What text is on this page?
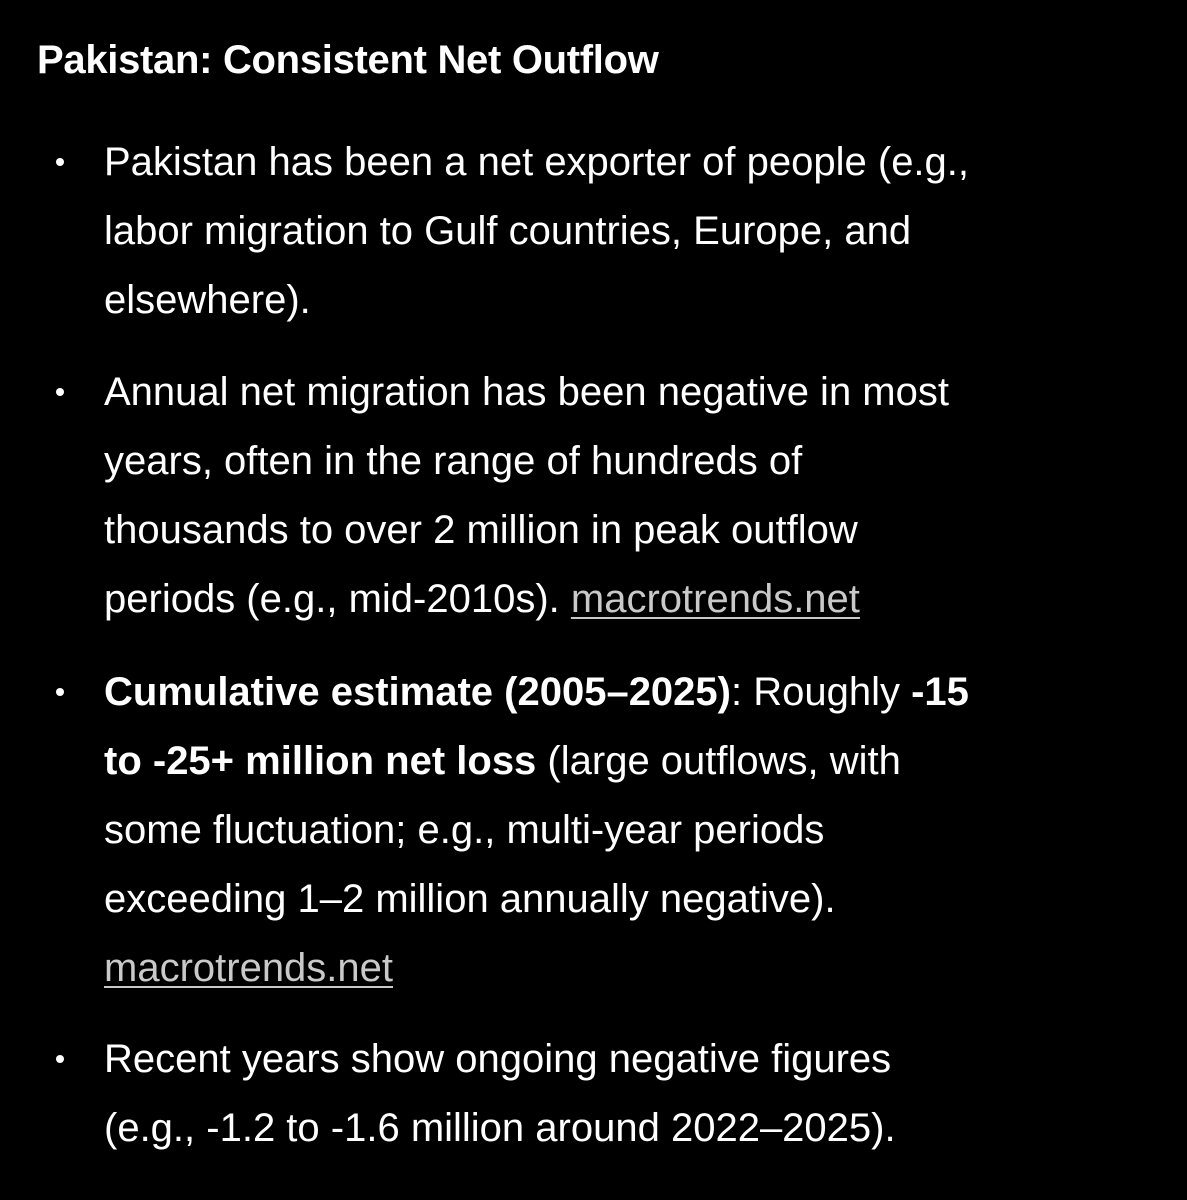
Pakistan: Consistent Net Outflow
Pakistan has been a net exporter of people (e.g.,
labor migration to Gulf countries, Europe, and
elsewhere).
Annual net migration has been negative in most
years, often in the range of hundreds of
thousands to over 2 million in peak outflow
periods (e.g., mid-2010s). macrotrends.net
Cumulative estimate (2005–2025): Roughly -15
to -25+ million net loss (large outflows, with
some fluctuation; e.g., multi-year periods
exceeding 1–2 million annually negative).
macrotrends.net
Recent years show ongoing negative figures
(e.g., -1.2 to -1.6 million around 2022–2025).
